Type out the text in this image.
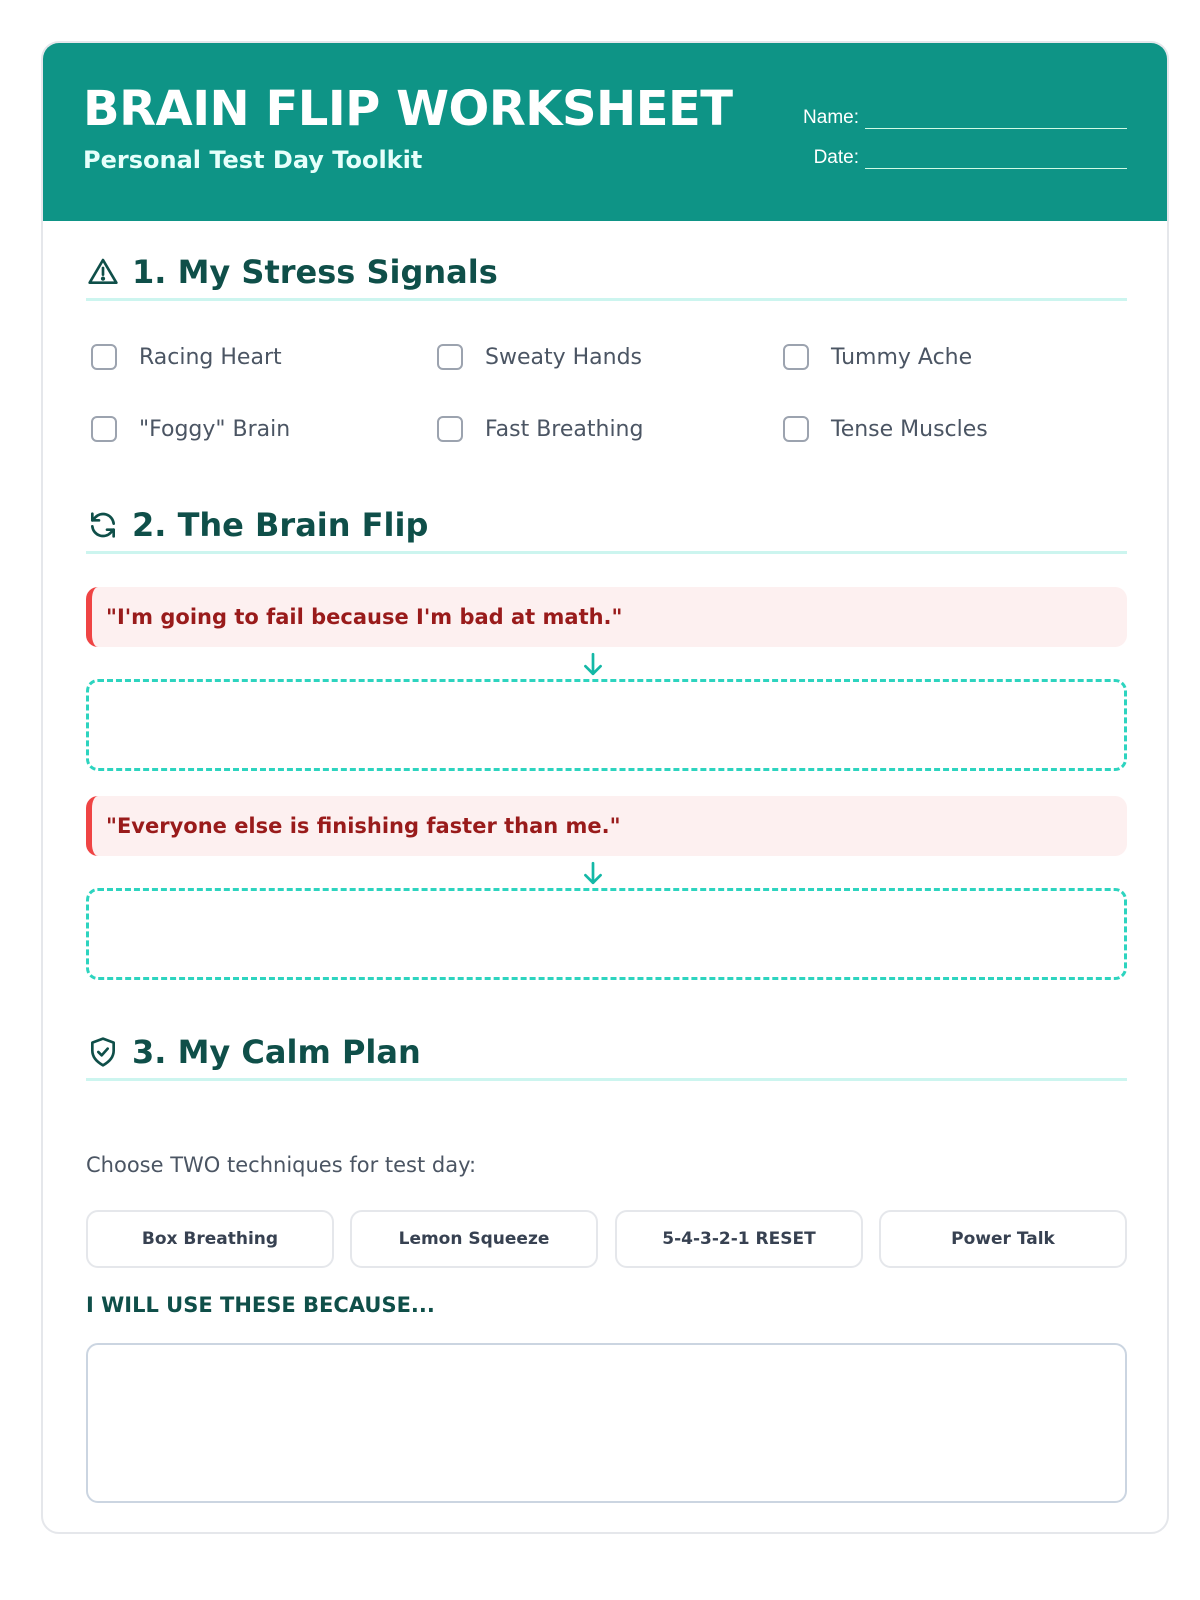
BRAIN FLIP WORKSHEET
Personal Test Day Toolkit
Name:
Date:
1. My Stress Signals
Racing Heart	Sweaty Hands	Tummy Ache
"Foggy" Brain	Fast Breathing	Tense Muscles
2. The Brain Flip
"I'm going to fail because I'm bad at math."
"Everyone else is finishing faster than me."
3. My Calm Plan
Choose TWO techniques for test day:
Box Breathing	Lemon Squeeze	5-4-3-2-1 RESET	Power Talk
I WILL USE THESE BECAUSE...
